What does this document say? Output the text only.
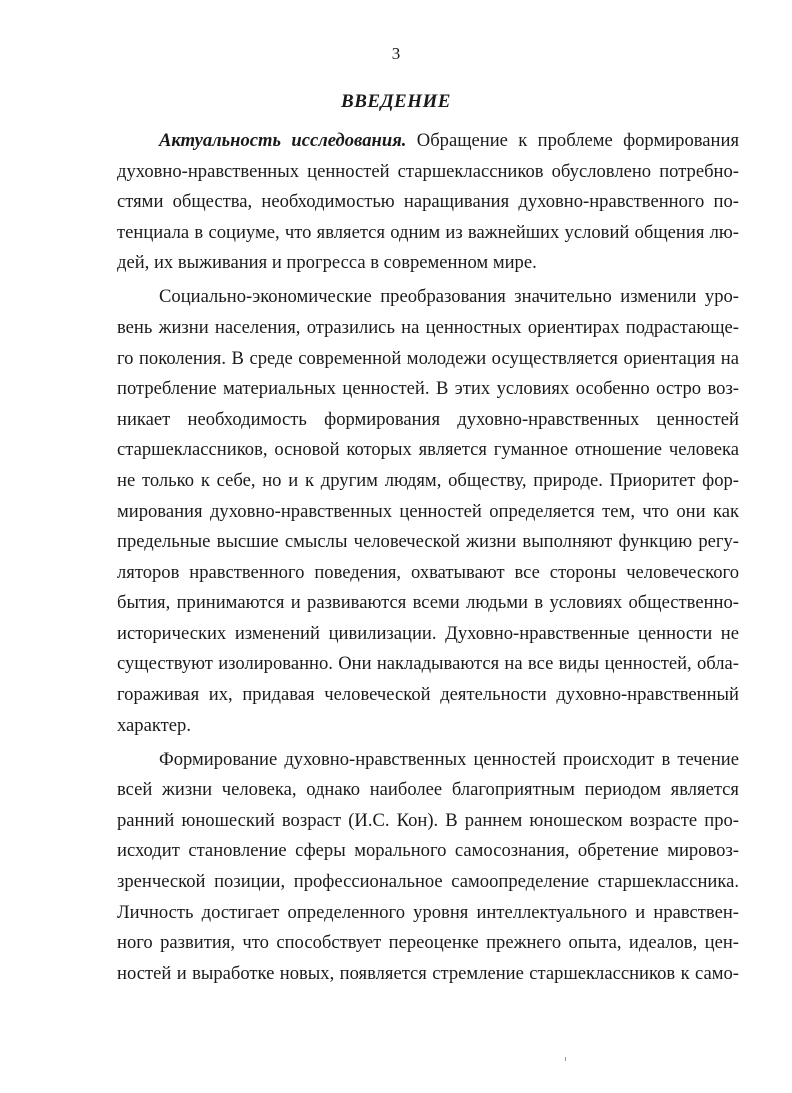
3
ВВЕДЕНИЕ
Актуальность исследования. Обращение к проблеме формирования
духовно-нравственных ценностей старшеклассников обусловлено потребно-
стями общества, необходимостью наращивания духовно-нравственного по-
тенциала в социуме, что является одним из важнейших условий общения лю-
дей, их выживания и прогресса в современном мире.
Социально-экономические преобразования значительно изменили уро-
вень жизни населения, отразились на ценностных ориентирах подрастающе-
го поколения. В среде современной молодежи осуществляется ориентация на
потребление материальных ценностей. В этих условиях особенно остро воз-
никает необходимость формирования духовно-нравственных ценностей
старшеклассников, основой которых является гуманное отношение человека
не только к себе, но и к другим людям, обществу, природе. Приоритет фор-
мирования духовно-нравственных ценностей определяется тем, что они как
предельные высшие смыслы человеческой жизни выполняют функцию регу-
ляторов нравственного поведения, охватывают все стороны человеческого
бытия, принимаются и развиваются всеми людьми в условиях общественно-
исторических изменений цивилизации. Духовно-нравственные ценности не
существуют изолированно. Они накладываются на все виды ценностей, обла-
гораживая их, придавая человеческой деятельности духовно-нравственный
характер.
Формирование духовно-нравственных ценностей происходит в течение
всей жизни человека, однако наиболее благоприятным периодом является
ранний юношеский возраст (И.С. Кон). В раннем юношеском возрасте про-
исходит становление сферы морального самосознания, обретение мировоз-
зренческой позиции, профессиональное самоопределение старшеклассника.
Личность достигает определенного уровня интеллектуального и нравствен-
ного развития, что способствует переоценке прежнего опыта, идеалов, цен-
ностей и выработке новых, появляется стремление старшеклассников к само-
